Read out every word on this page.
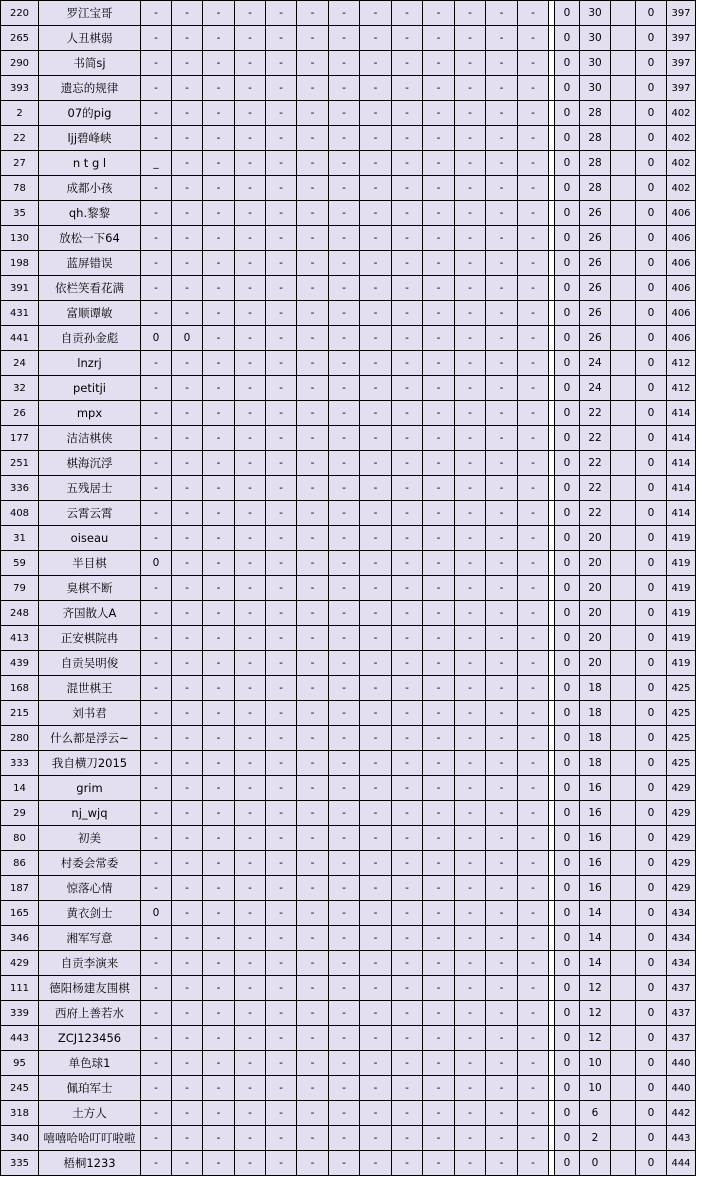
220	罗江宝哥	-	-	-	-	-	-	-	-	-	-	-	-	-		0	30		0	397
265	人丑棋弱	-	-	-	-	-	-	-	-	-	-	-	-	-		0	30		0	397
290	书简sj	-	-	-	-	-	-	-	-	-	-	-	-	-		0	30		0	397
393	遗忘的规律	-	-	-	-	-	-	-	-	-	-	-	-	-		0	30		0	397
2	07的pig	-	-	-	-	-	-	-	-	-	-	-	-	-		0	28		0	402
22	ljj碧峰峡	-	-	-	-	-	-	-	-	-	-	-	-	-		0	28		0	402
27	n t g l	_	-	-	-	-	-	-	-	-	-	-	-	-		0	28		0	402
78	成都小孩	-	-	-	-	-	-	-	-	-	-	-	-	-		0	28		0	402
35	qh.黎黎	-	-	-	-	-	-	-	-	-	-	-	-	-		0	26		0	406
130	放松一下64	-	-	-	-	-	-	-	-	-	-	-	-	-		0	26		0	406
198	蓝屏错误	-	-	-	-	-	-	-	-	-	-	-	-	-		0	26		0	406
391	依栏笑看花满	-	-	-	-	-	-	-	-	-	-	-	-	-		0	26		0	406
431	富顺谭敏	-	-	-	-	-	-	-	-	-	-	-	-	-		0	26		0	406
441	自贡孙金彪	0	0	-	-	-	-	-	-	-	-	-	-	-		0	26		0	406
24	lnzrj	-	-	-	-	-	-	-	-	-	-	-	-	-		0	24		0	412
32	petitji	-	-	-	-	-	-	-	-	-	-	-	-	-		0	24		0	412
26	mpx	-	-	-	-	-	-	-	-	-	-	-	-	-		0	22		0	414
177	洁洁棋侠	-	-	-	-	-	-	-	-	-	-	-	-	-		0	22		0	414
251	棋海沉浮	-	-	-	-	-	-	-	-	-	-	-	-	-		0	22		0	414
336	五残居士	-	-	-	-	-	-	-	-	-	-	-	-	-		0	22		0	414
408	云霄云霄	-	-	-	-	-	-	-	-	-	-	-	-	-		0	22		0	414
31	oiseau	-	-	-	-	-	-	-	-	-	-	-	-	-		0	20		0	419
59	半目棋	0	-	-	-	-	-	-	-	-	-	-	-	-		0	20		0	419
79	臭棋不断	-	-	-	-	-	-	-	-	-	-	-	-	-		0	20		0	419
248	齐国散人A	-	-	-	-	-	-	-	-	-	-	-	-	-		0	20		0	419
413	正安棋院冉	-	-	-	-	-	-	-	-	-	-	-	-	-		0	20		0	419
439	自贡吴明俊	-	-	-	-	-	-	-	-	-	-	-	-	-		0	20		0	419
168	混世棋王	-	-	-	-	-	-	-	-	-	-	-	-	-		0	18		0	425
215	刘书君	-	-	-	-	-	-	-	-	-	-	-	-	-		0	18		0	425
280	什么都是浮云~	-	-	-	-	-	-	-	-	-	-	-	-	-		0	18		0	425
333	我自横刀2015	-	-	-	-	-	-	-	-	-	-	-	-	-		0	18		0	425
14	grim	-	-	-	-	-	-	-	-	-	-	-	-	-		0	16		0	429
29	nj_wjq	-	-	-	-	-	-	-	-	-	-	-	-	-		0	16		0	429
80	初美	-	-	-	-	-	-	-	-	-	-	-	-	-		0	16		0	429
86	村委会常委	-	-	-	-	-	-	-	-	-	-	-	-	-		0	16		0	429
187	惊落心情	-	-	-	-	-	-	-	-	-	-	-	-	-		0	16		0	429
165	黄衣剑士	0	-	-	-	-	-	-	-	-	-	-	-	-		0	14		0	434
346	湘军写意	-	-	-	-	-	-	-	-	-	-	-	-	-		0	14		0	434
429	自贡李演来	-	-	-	-	-	-	-	-	-	-	-	-	-		0	14		0	434
111	德阳杨建友围棋	-	-	-	-	-	-	-	-	-	-	-	-	-		0	12		0	437
339	西府上善若水	-	-	-	-	-	-	-	-	-	-	-	-	-		0	12		0	437
443	ZCJ123456	-	-	-	-	-	-	-	-	-	-	-	-	-		0	12		0	437
95	单色球1	-	-	-	-	-	-	-	-	-	-	-	-	-		0	10		0	440
245	佩珀军士	-	-	-	-	-	-	-	-	-	-	-	-	-		0	10		0	440
318	土方人	-	-	-	-	-	-	-	-	-	-	-	-	-		0	6		0	442
340	嘻嘻哈哈叮叮啦啦	-	-	-	-	-	-	-	-	-	-	-	-	-		0	2		0	443
335	梧桐1233	-	-	-	-	-	-	-	-	-	-	-	-	-		0	0		0	444
